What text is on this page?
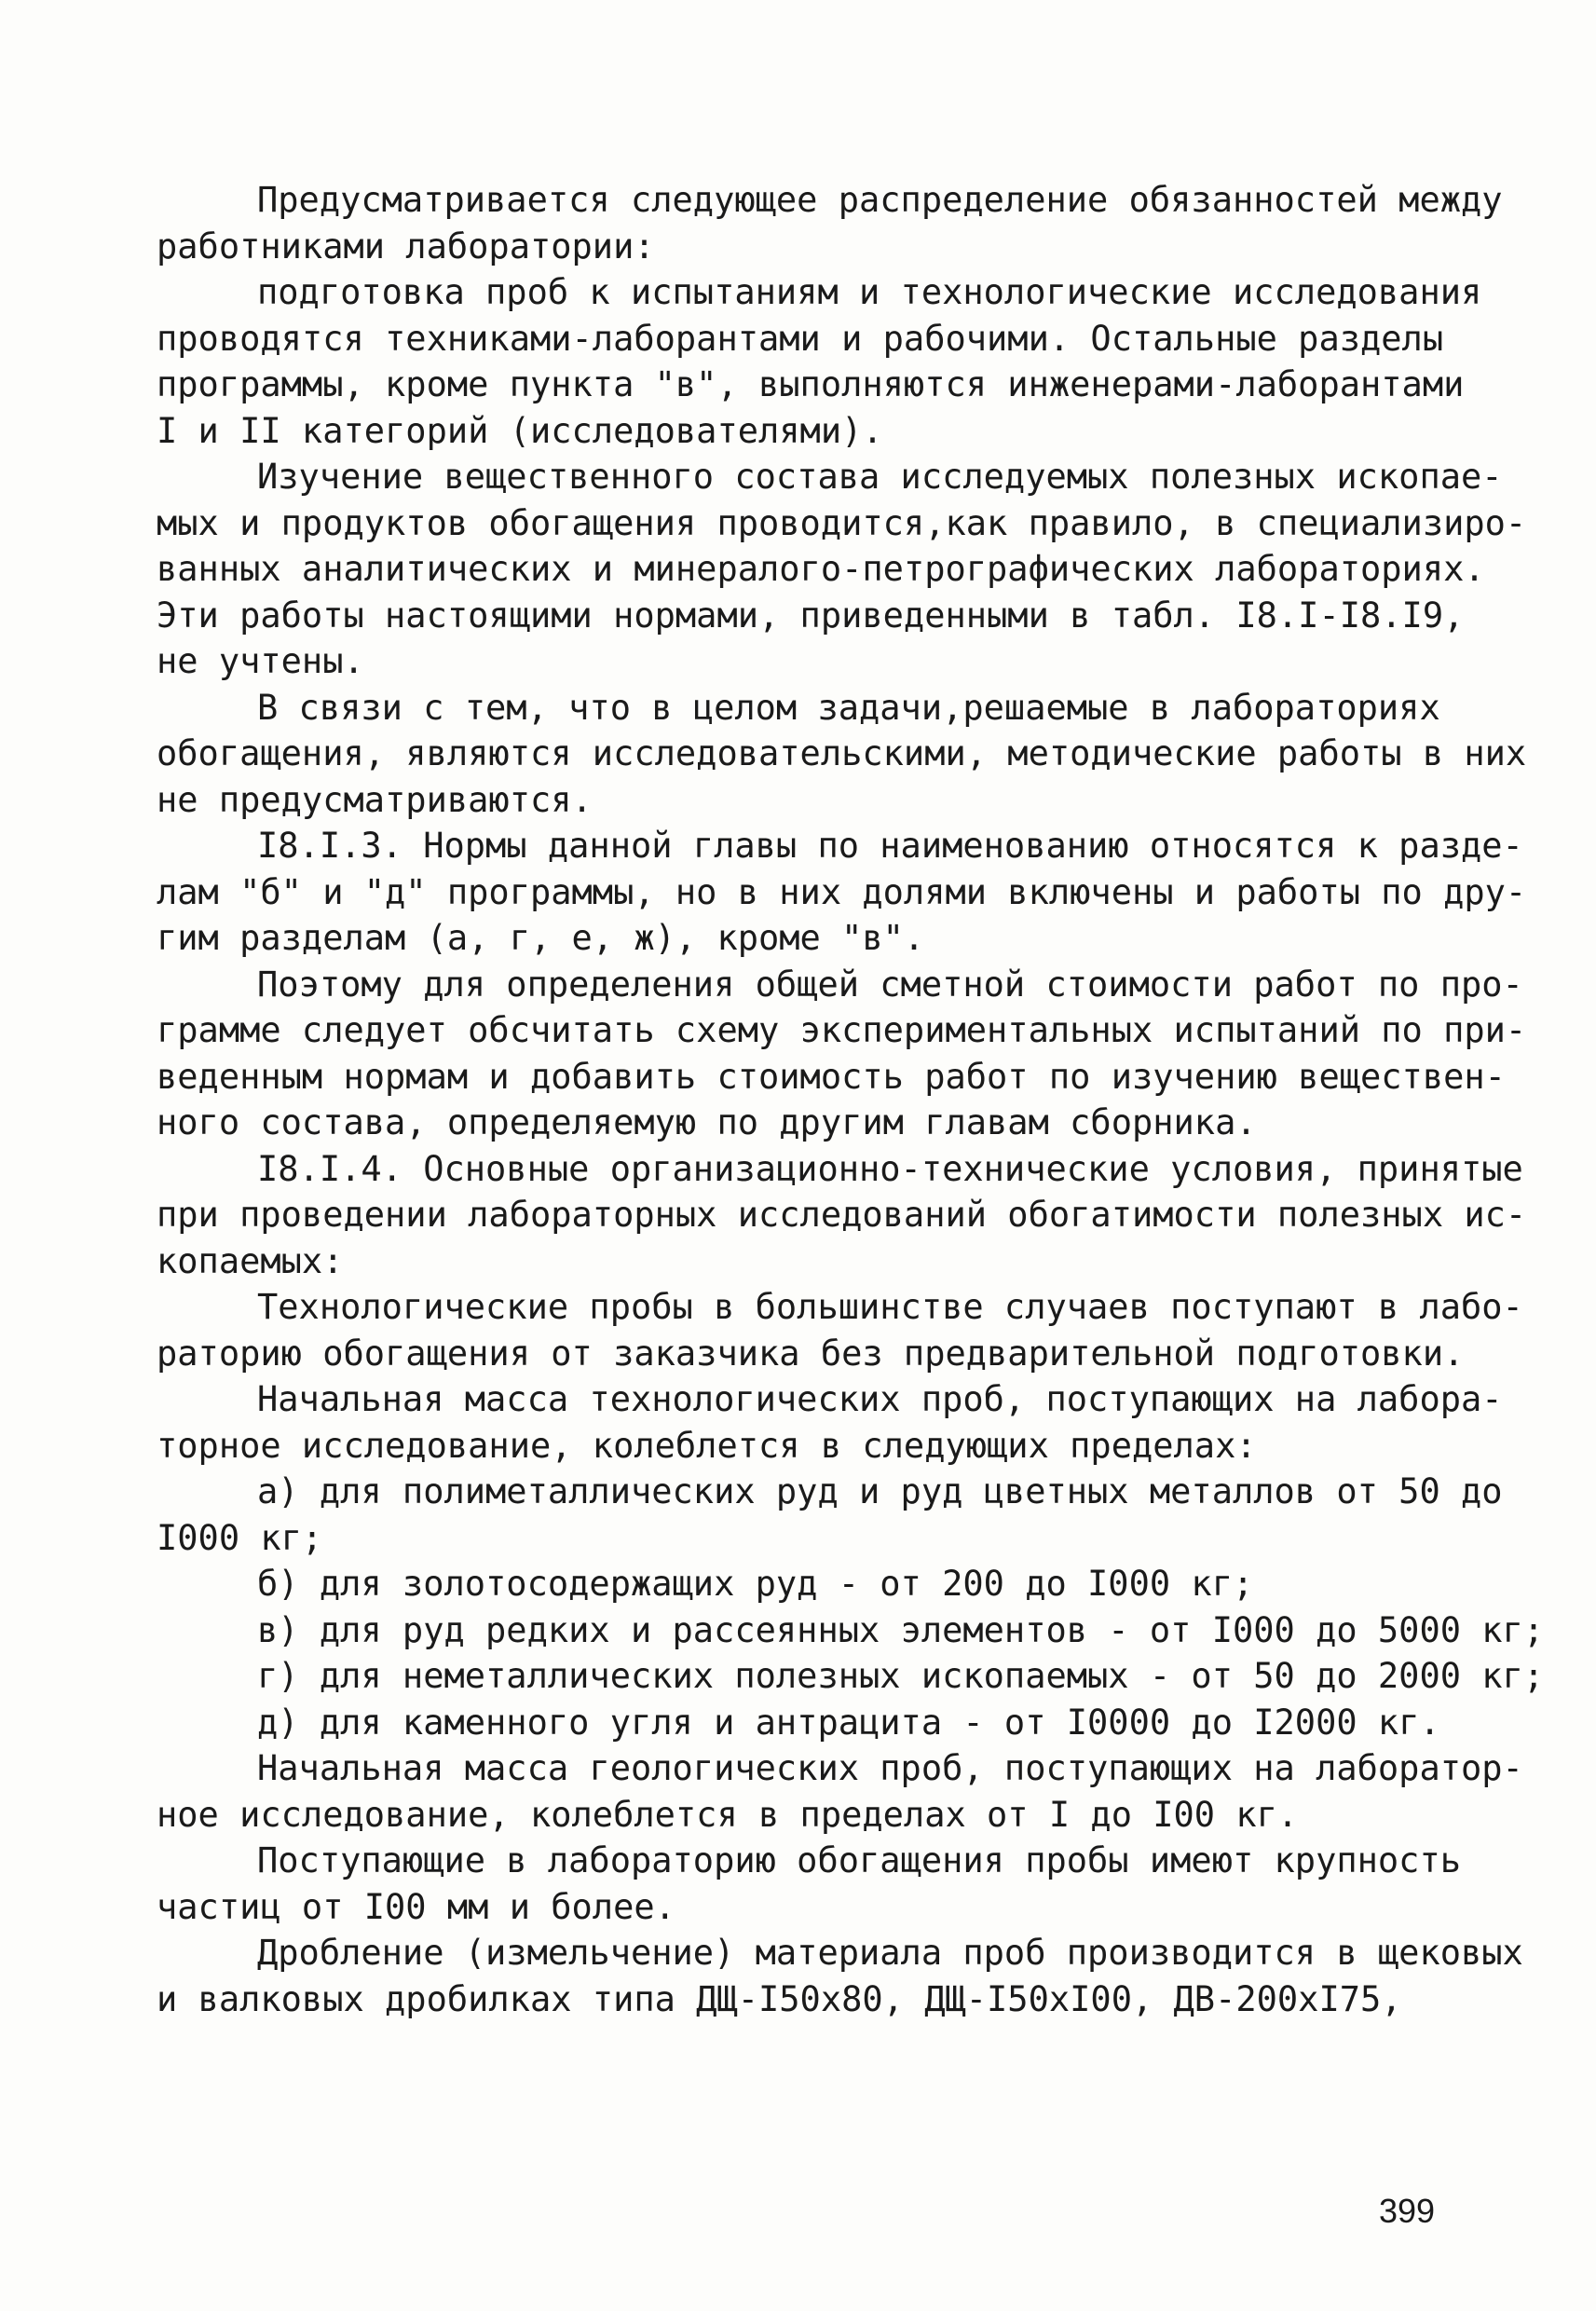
Предусматривается следующее распределение обязанностей между
работниками лаборатории:
подготовка проб к испытаниям и технологические исследования
проводятся техниками-лаборантами и рабочими. Остальные разделы
программы, кроме пункта "в", выполняются инженерами-лаборантами
I и II категорий (исследователями).
Изучение вещественного состава исследуемых полезных ископае-
мых и продуктов обогащения проводится,как правило, в специализиро-
ванных аналитических и минералого-петрографических лабораториях.
Эти работы настоящими нормами, приведенными в табл. I8.I-I8.I9,
не учтены.
В связи с тем, что в целом задачи,решаемые в лабораториях
обогащения, являются исследовательскими, методические работы в них
не предусматриваются.
I8.I.3. Нормы данной главы по наименованию относятся к разде-
лам "б" и "д" программы, но в них долями включены и работы по дру-
гим разделам (а, г, е, ж), кроме "в".
Поэтому для определения общей сметной стоимости работ по про-
грамме следует обсчитать схему экспериментальных испытаний по при-
веденным нормам и добавить стоимость работ по изучению веществен-
ного состава, определяемую по другим главам сборника.
I8.I.4. Основные организационно-технические условия, принятые
при проведении лабораторных исследований обогатимости полезных ис-
копаемых:
Технологические пробы в большинстве случаев поступают в лабо-
раторию обогащения от заказчика без предварительной подготовки.
Начальная масса технологических проб, поступающих на лабора-
торное исследование, колеблется в следующих пределах:
а) для полиметаллических руд и руд цветных металлов от 50 до
I000 кг;
б) для золотосодержащих руд - от 200 до I000 кг;
в) для руд редких и рассеянных элементов - от I000 до 5000 кг;
г) для неметаллических полезных ископаемых - от 50 до 2000 кг;
д) для каменного угля и антрацита - от I0000 до I2000 кг.
Начальная масса геологических проб, поступающих на лаборатор-
ное исследование, колеблется в пределах от I до I00 кг.
Поступающие в лабораторию обогащения пробы имеют крупность
частиц от I00 мм и более.
Дробление (измельчение) материала проб производится в щековых
и валковых дробилках типа ДЩ-I50x80, ДЩ-I50xI00, ДВ-200xI75,
399
